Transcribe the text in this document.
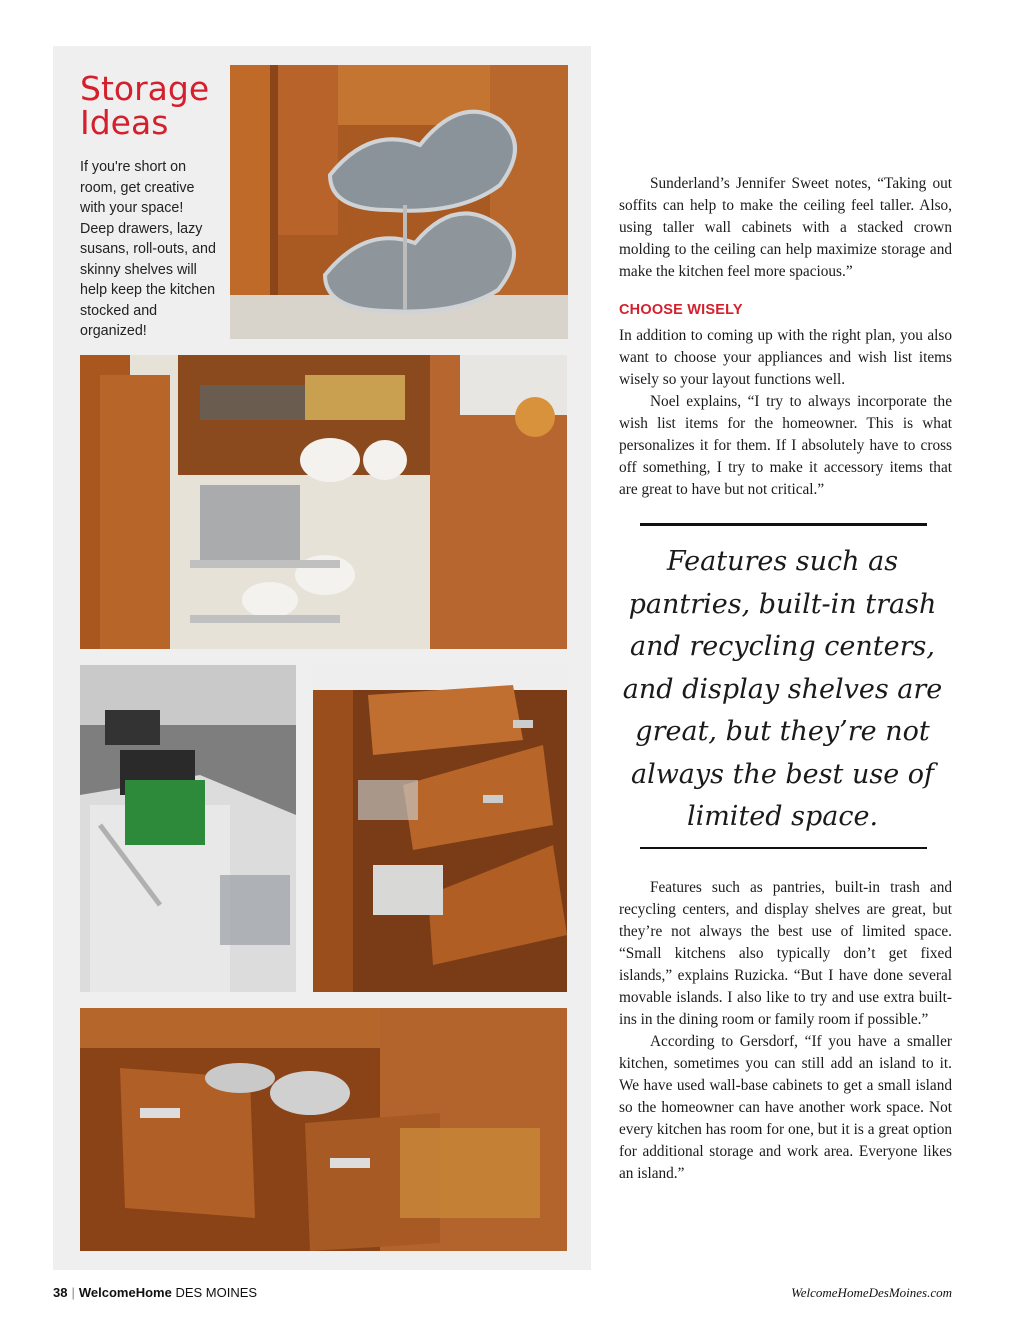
Storage
Ideas

If you're short on room, get creative with your space! Deep drawers, lazy susans, roll-outs, and skinny shelves will help keep the kitchen stocked and organized!

Sunderland’s Jennifer Sweet notes, “Taking out soffits can help to make the ceiling feel taller. Also, using taller wall cabinets with a stacked crown molding to the ceiling can help maximize storage and make the kitchen feel more spacious.”

CHOOSE WISELY

In addition to coming up with the right plan, you also want to choose your appliances and wish list items wisely so your layout functions well.

Noel explains, “I try to always incorporate the wish list items for the homeowner. This is what personalizes it for them. If I absolutely have to cross off something, I try to make it accessory items that are great to have but not critical.”

Features such as pantries, built-in trash and recycling centers, and display shelves are great, but they’re not always the best use of limited space.

Features such as pantries, built-in trash and recycling centers, and display shelves are great, but they’re not always the best use of limited space. “Small kitchens also typically don’t get fixed islands,” explains Ruzicka. “But I have done several movable islands. I also like to try and use extra built-ins in the dining room or family room if possible.”

According to Gersdorf, “If you have a smaller kitchen, sometimes you can still add an island to it. We have used wall-base cabinets to get a small island so the homeowner can have another work space. Not every kitchen has room for one, but it is a great option for additional storage and work area. Everyone likes an island.”

38 | WelcomeHome DES MOINES	WelcomeHomeDesMoines.com
